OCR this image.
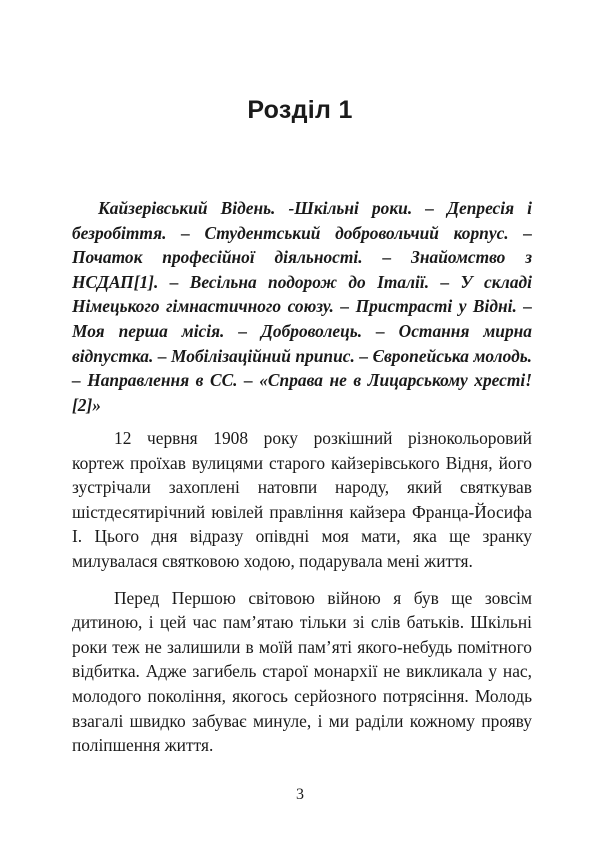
Розділ 1

Кайзерівський Відень. -Шкільні роки. – Депресія і безробіття. – Студентський добровольчий корпус. – Початок професійної діяльності. – Знайомство з НСДАП[1]. – Весільна подорож до Італії. – У складі Німецького гімнастичного союзу. – Пристрасті у Відні. – Моя перша місія. – Доброволець. – Остання мирна відпустка. – Мобілізаційний припис. – Європейська молодь. – Направлення в СС. – «Справа не в Лицарському хресті![2]»

12 червня 1908 року розкішний різнокольоровий кортеж проїхав вулицями старого кайзерівського Відня, його зустрічали захоплені натовпи народу, який святкував шістдесятирічний ювілей правління кайзера Франца-Йосифа I. Цього дня відразу опівдні моя мати, яка ще зранку милувалася святковою ходою, подарувала мені життя.

Перед Першою світовою війною я був ще зовсім дитиною, і цей час пам’ятаю тільки зі слів батьків. Шкільні роки теж не залишили в моїй пам’яті якого-небудь помітного відбитка. Адже загибель старої монархії не викликала у нас, молодого покоління, якогось серйозного потрясіння. Молодь взагалі швидко забуває минуле, і ми раділи кожному прояву поліпшення життя.

3
